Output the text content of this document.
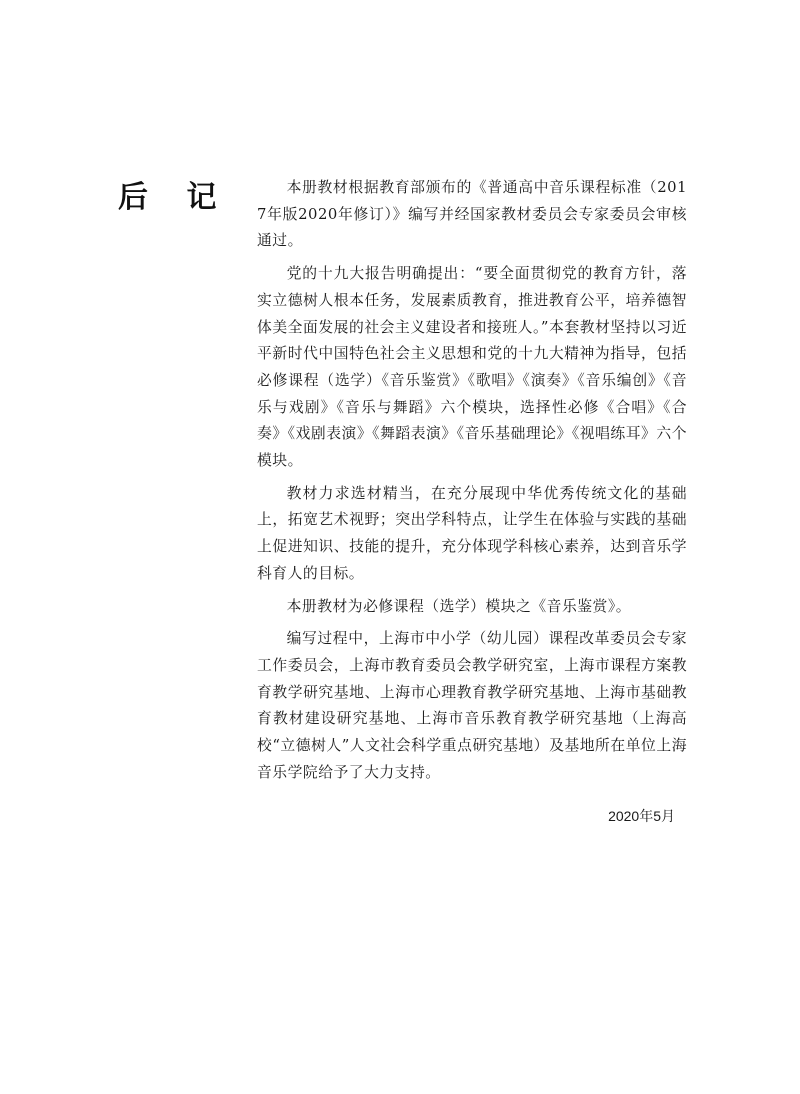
后 记	本册教材根据教育部颁布的《普通高中音乐课程标准（2017年版2020年修订）》编写并经国家教材委员会专家委员会审核通过。

党的十九大报告明确提出：“要全面贯彻党的教育方针，落实立德树人根本任务，发展素质教育，推进教育公平，培养德智体美全面发展的社会主义建设者和接班人。”本套教材坚持以习近平新时代中国特色社会主义思想和党的十九大精神为指导，包括必修课程（选学）《音乐鉴赏》《歌唱》《演奏》《音乐编创》《音乐与戏剧》《音乐与舞蹈》六个模块，选择性必修《合唱》《合奏》《戏剧表演》《舞蹈表演》《音乐基础理论》《视唱练耳》六个模块。

教材力求选材精当，在充分展现中华优秀传统文化的基础上，拓宽艺术视野；突出学科特点，让学生在体验与实践的基础上促进知识、技能的提升，充分体现学科核心素养，达到音乐学科育人的目标。

本册教材为必修课程（选学）模块之《音乐鉴赏》。

编写过程中，上海市中小学（幼儿园）课程改革委员会专家工作委员会，上海市教育委员会教学研究室，上海市课程方案教育教学研究基地、上海市心理教育教学研究基地、上海市基础教育教材建设研究基地、上海市音乐教育教学研究基地（上海高校“立德树人”人文社会科学重点研究基地）及基地所在单位上海音乐学院给予了大力支持。

2020年5月
